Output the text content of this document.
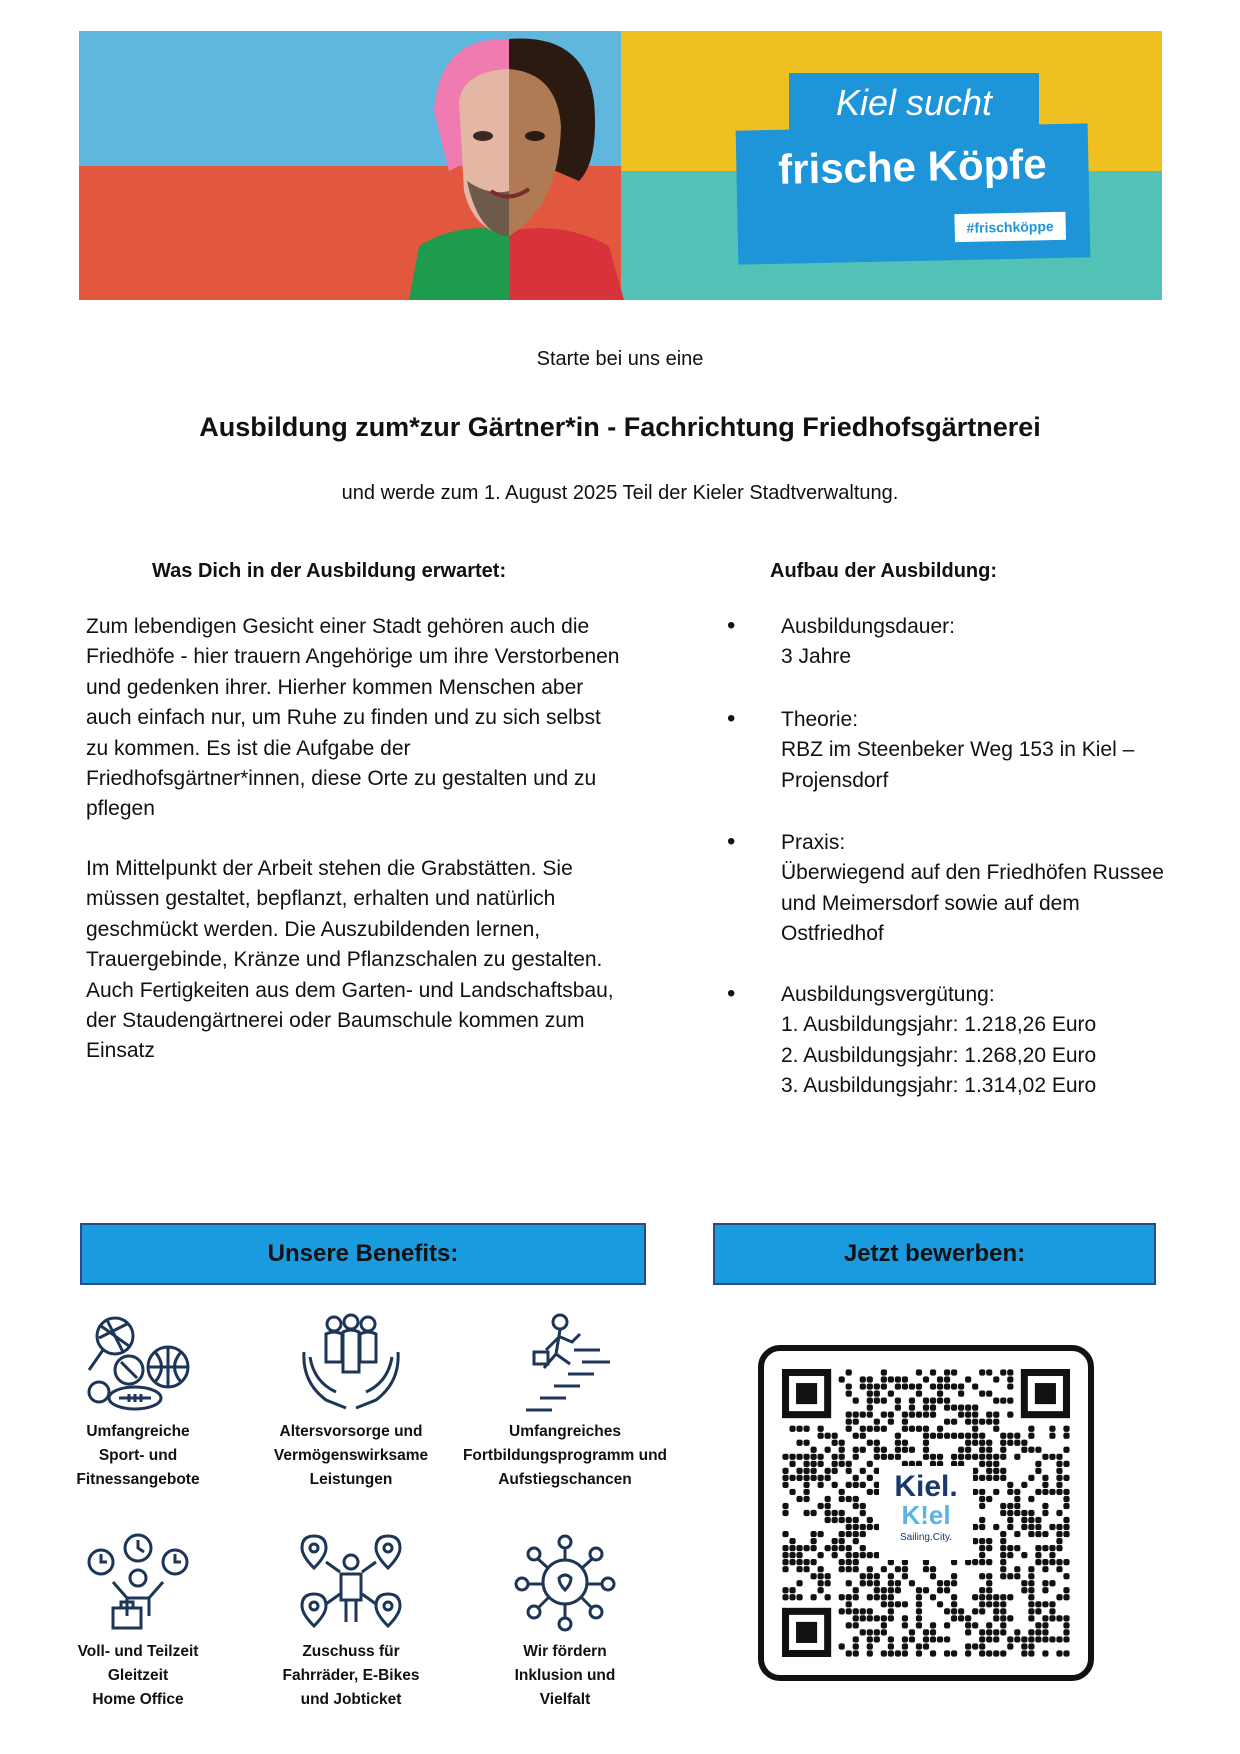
Kiel sucht
frische Köpfe
#frischköppe
Starte bei uns eine
Ausbildung zum*zur Gärtner*in - Fachrichtung Friedhofsgärtnerei
und werde zum 1. August 2025 Teil der Kieler Stadtverwaltung.
Was Dich in der Ausbildung erwartet:
Zum lebendigen Gesicht einer Stadt gehören auch die Friedhöfe - hier trauern Angehörige um ihre Verstorbenen und gedenken ihrer. Hierher kommen Menschen aber auch einfach nur, um Ruhe zu finden und zu sich selbst zu kommen. Es ist die Aufgabe der Friedhofsgärtner*innen, diese Orte zu gestalten und zu pflegen
Im Mittelpunkt der Arbeit stehen die Grabstätten. Sie müssen gestaltet, bepflanzt, erhalten und natürlich geschmückt werden. Die Auszubildenden lernen, Trauergebinde, Kränze und Pflanzschalen zu gestalten. Auch Fertigkeiten aus dem Garten- und Landschaftsbau, der Staudengärtnerei oder Baumschule kommen zum Einsatz
Aufbau der Ausbildung:
• Ausbildungsdauer:
3 Jahre
• Theorie:
RBZ im Steenbeker Weg 153 in Kiel – Projensdorf
• Praxis:
Überwiegend auf den Friedhöfen Russee und Meimersdorf sowie auf dem Ostfriedhof
• Ausbildungsvergütung:
1. Ausbildungsjahr: 1.218,26 Euro
2. Ausbildungsjahr: 1.268,20 Euro
3. Ausbildungsjahr: 1.314,02 Euro
Unsere Benefits:	Jetzt bewerben:
Umfangreiche
Sport- und
Fitnessangebote
Altersvorsorge und
Vermögenswirksame
Leistungen
Umfangreiches
Fortbildungsprogramm und
Aufstiegschancen
Voll- und Teilzeit
Gleitzeit
Home Office
Zuschuss für
Fahrräder, E-Bikes
und Jobticket
Wir fördern
Inklusion und
Vielfalt
Kiel.
K!el
Sailing.City.
